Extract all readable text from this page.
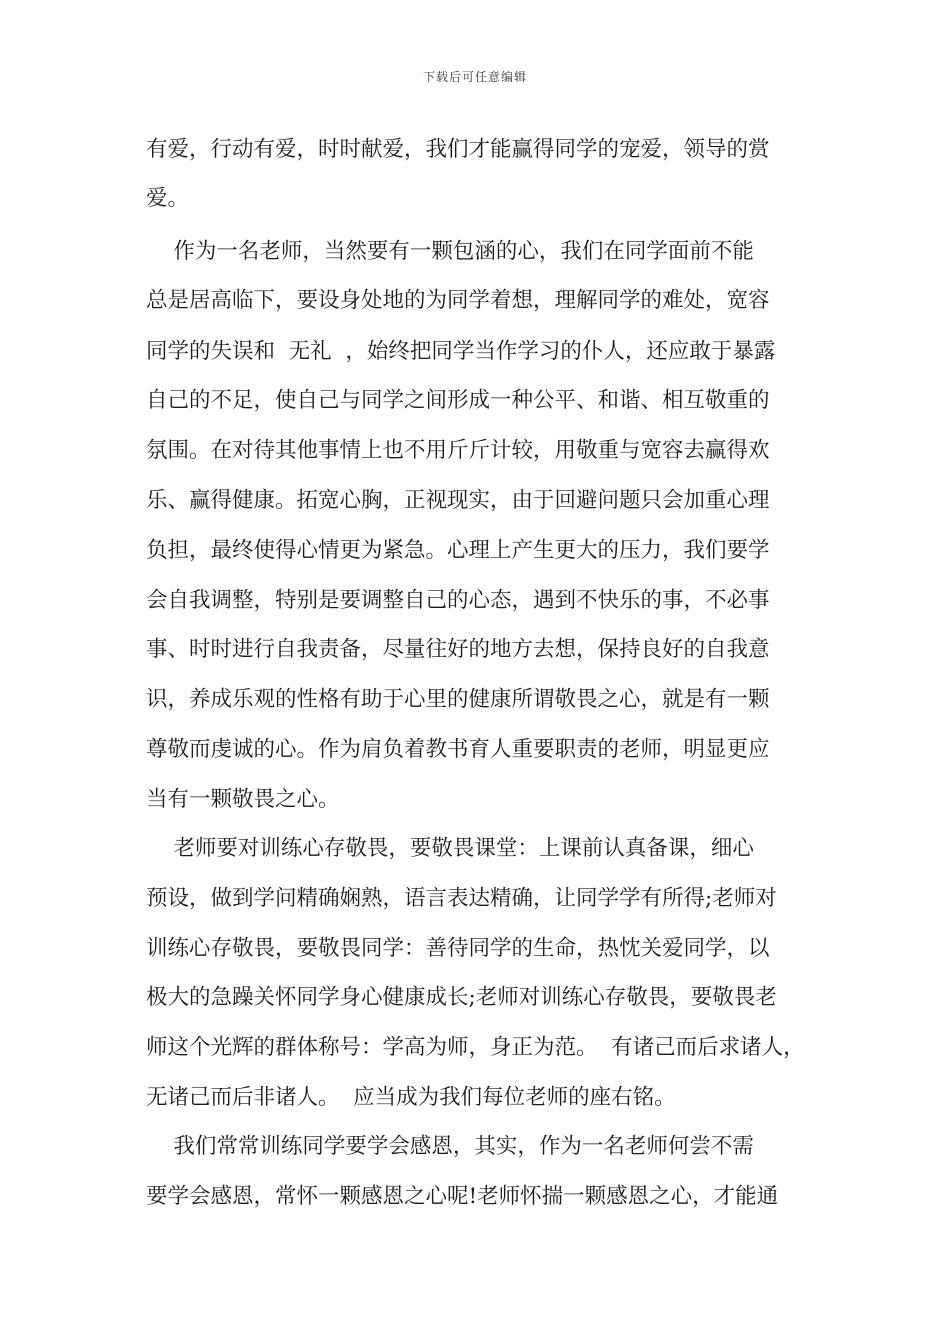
下载后可任意编辑
有爱，行动有爱，时时献爱，我们才能赢得同学的宠爱，领导的赏
爱。
作为一名老师，当然要有一颗包涵的心，我们在同学面前不能
总是居高临下，要设身处地的为同学着想，理解同学的难处，宽容
同学的失误和  无礼  ，始终把同学当作学习的仆人，还应敢于暴露
自己的不足，使自己与同学之间形成一种公平、和谐、相互敬重的
氛围。在对待其他事情上也不用斤斤计较，用敬重与宽容去赢得欢
乐、赢得健康。拓宽心胸，正视现实，由于回避问题只会加重心理
负担，最终使得心情更为紧急。心理上产生更大的压力，我们要学
会自我调整，特别是要调整自己的心态，遇到不快乐的事，不必事
事、时时进行自我责备，尽量往好的地方去想，保持良好的自我意
识，养成乐观的性格有助于心里的健康所谓敬畏之心，就是有一颗
尊敬而虔诚的心。作为肩负着教书育人重要职责的老师，明显更应
当有一颗敬畏之心。
老师要对训练心存敬畏，要敬畏课堂：上课前认真备课，细心
预设，做到学问精确娴熟，语言表达精确，让同学学有所得;老师对
训练心存敬畏，要敬畏同学：善待同学的生命，热忱关爱同学，以
极大的急躁关怀同学身心健康成长;老师对训练心存敬畏，要敬畏老
师这个光辉的群体称号：学高为师，身正为范。  有诸己而后求诸人，
无诸己而后非诸人。  应当成为我们每位老师的座右铭。
我们常常训练同学要学会感恩，其实，作为一名老师何尝不需
要学会感恩，常怀一颗感恩之心呢!老师怀揣一颗感恩之心，才能通
